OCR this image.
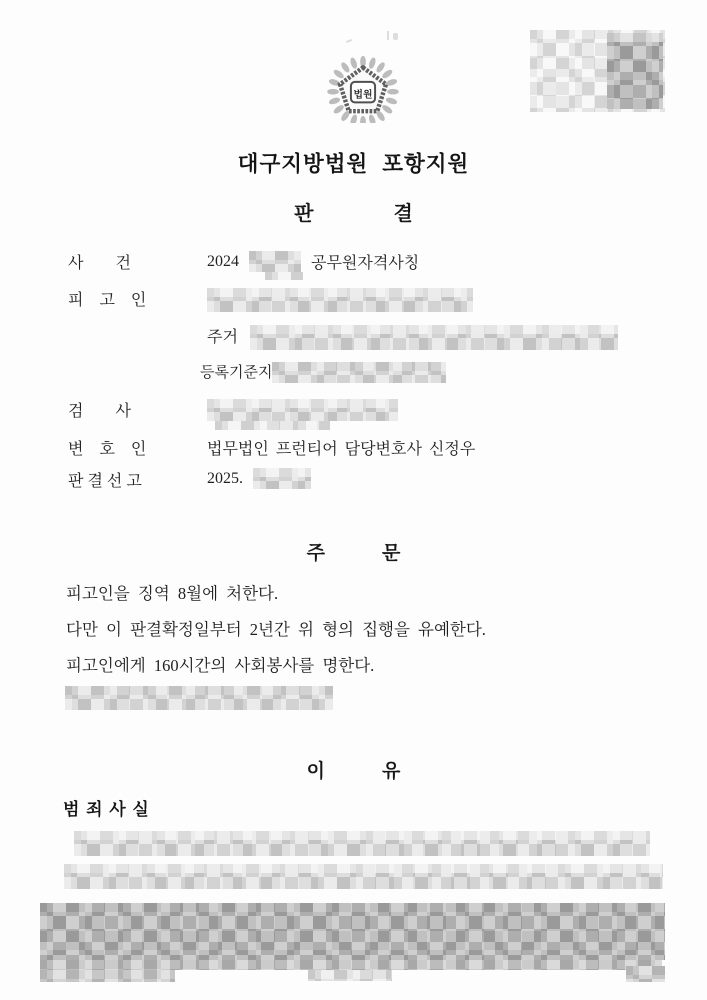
법원
대구지방법원  포항지원
판　　　　결
사　　건	2024	공무원자격사칭
피　고　인
주거
등록기준지
검　　사
변　호　인	법무법인 프런티어 담당변호사 신정우
판 결 선 고	2025.
주　　　문
피고인을 징역 8월에 처한다.
다만 이 판결확정일부터 2년간 위 형의 집행을 유예한다.
피고인에게 160시간의 사회봉사를 명한다.
이　　　유
범 죄 사 실
